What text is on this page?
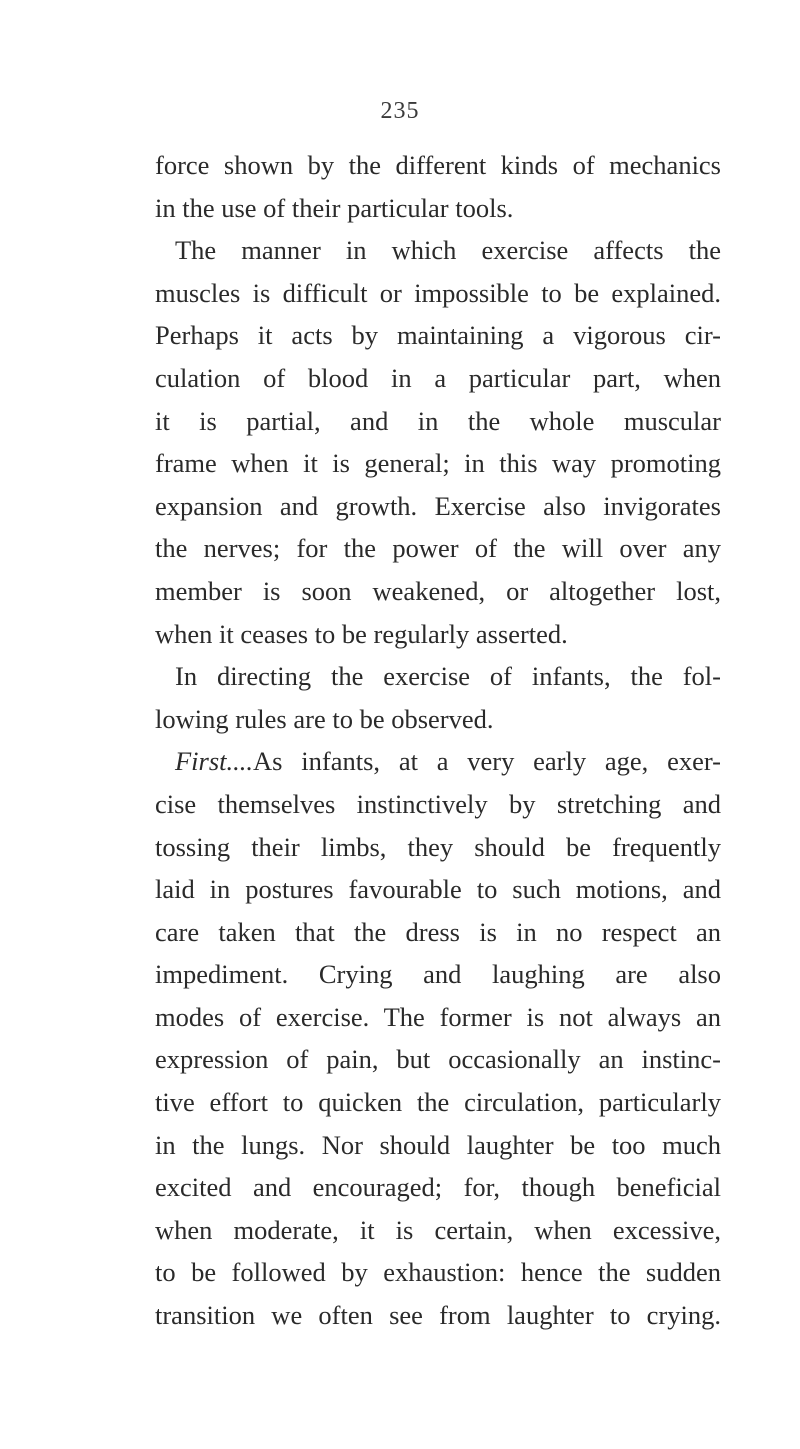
235
force shown by the different kinds of mechanics
in the use of their particular tools.
The manner in which exercise affects the
muscles is difficult or impossible to be explained.
Perhaps it acts by maintaining a vigorous cir-
culation of blood in a particular part, when
it is partial, and in the whole muscular
frame when it is general; in this way promoting
expansion and growth. Exercise also invigorates
the nerves; for the power of the will over any
member is soon weakened, or altogether lost,
when it ceases to be regularly asserted.
In directing the exercise of infants, the fol-
lowing rules are to be observed.
First....As infants, at a very early age, exer-
cise themselves instinctively by stretching and
tossing their limbs, they should be frequently
laid in postures favourable to such motions, and
care taken that the dress is in no respect an
impediment. Crying and laughing are also
modes of exercise. The former is not always an
expression of pain, but occasionally an instinc-
tive effort to quicken the circulation, particularly
in the lungs. Nor should laughter be too much
excited and encouraged; for, though beneficial
when moderate, it is certain, when excessive,
to be followed by exhaustion: hence the sudden
transition we often see from laughter to crying.
